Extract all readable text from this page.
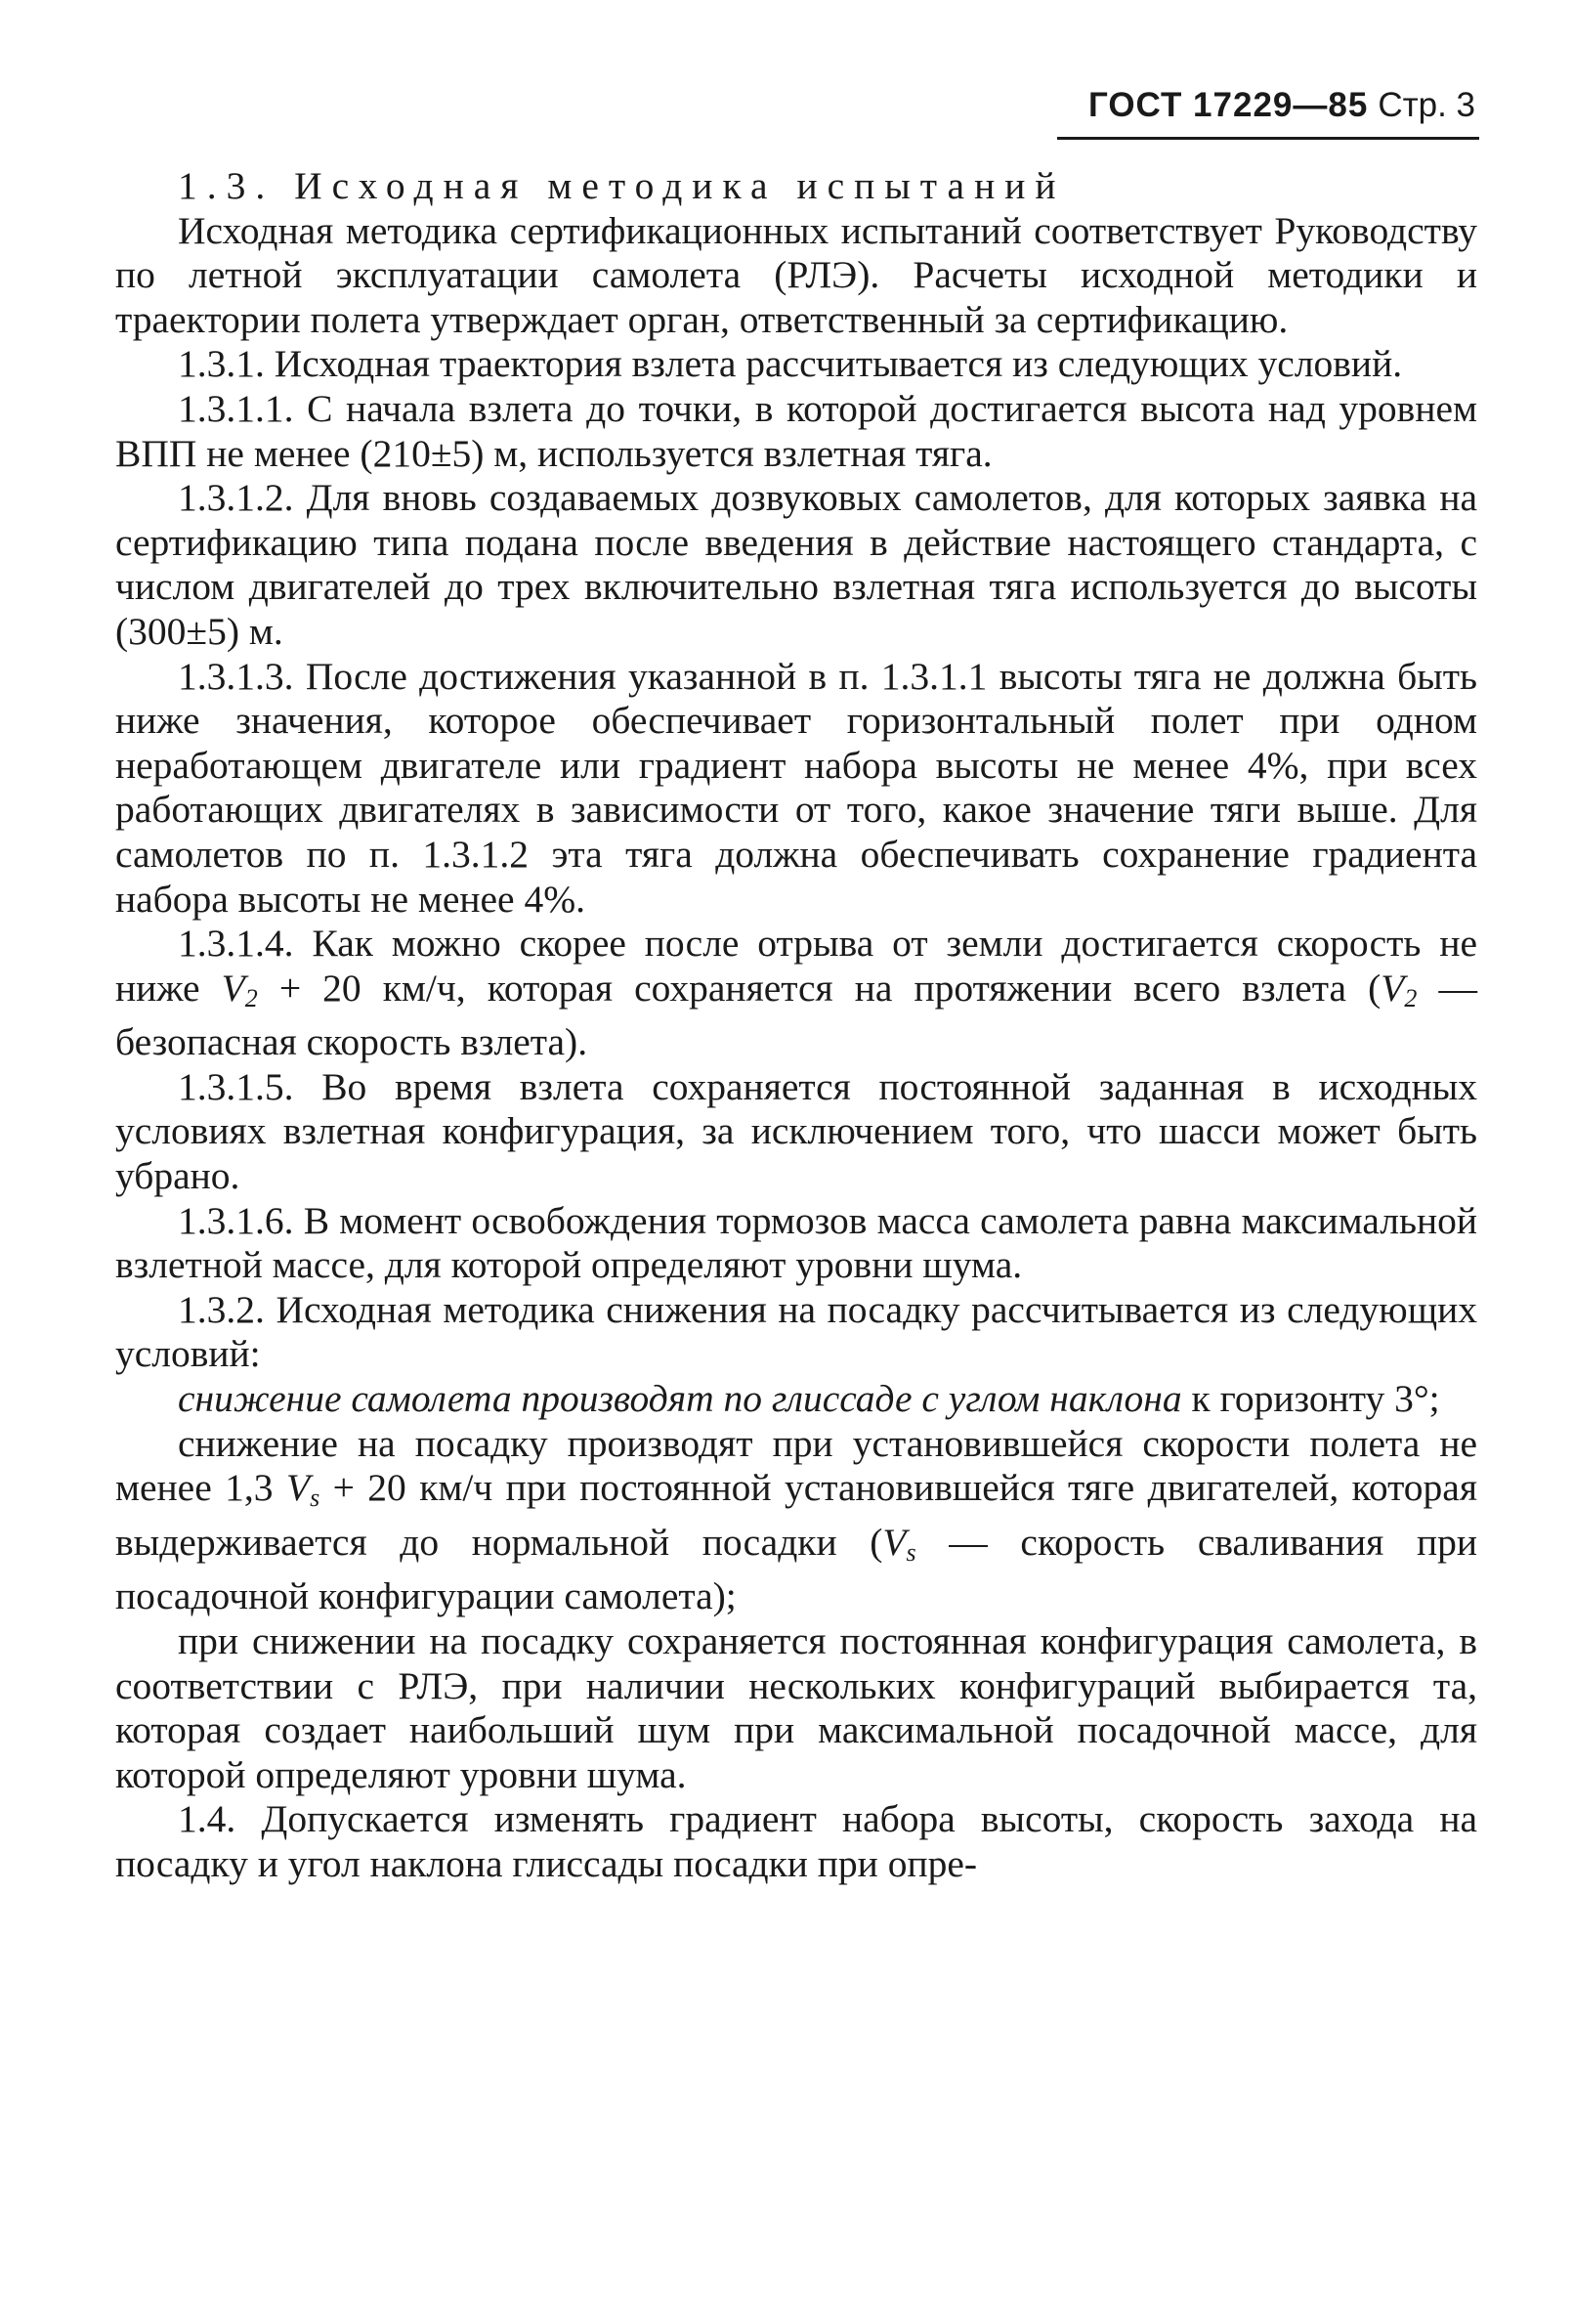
ГОСТ 17229—85 Стр. 3

1.3. Исходная методика испытаний

Исходная методика сертификационных испытаний соответствует Руководству по летной эксплуатации самолета (РЛЭ). Расчеты исходной методики и траектории полета утверждает орган, ответственный за сертификацию.

1.3.1. Исходная траектория взлета рассчитывается из следующих условий.

1.3.1.1. С начала взлета до точки, в которой достигается высота над уровнем ВПП не менее (210±5) м, используется взлетная тяга.

1.3.1.2. Для вновь создаваемых дозвуковых самолетов, для которых заявка на сертификацию типа подана после введения в действие настоящего стандарта, с числом двигателей до трех включительно взлетная тяга используется до высоты (300±5) м.

1.3.1.3. После достижения указанной в п. 1.3.1.1 высоты тяга не должна быть ниже значения, которое обеспечивает горизонтальный полет при одном неработающем двигателе или градиент набора высоты не менее 4%, при всех работающих двигателях в зависимости от того, какое значение тяги выше. Для самолетов по п. 1.3.1.2 эта тяга должна обеспечивать сохранение градиента набора высоты не менее 4%.

1.3.1.4. Как можно скорее после отрыва от земли достигается скорость не ниже $V_2 + 20$ км/ч, которая сохраняется на протяжении всего взлета ($V_2$ — безопасная скорость взлета).

1.3.1.5. Во время взлета сохраняется постоянной заданная в исходных условиях взлетная конфигурация, за исключением того, что шасси может быть убрано.

1.3.1.6. В момент освобождения тормозов масса самолета равна максимальной взлетной массе, для которой определяют уровни шума.

1.3.2. Исходная методика снижения на посадку рассчитывается из следующих условий:

снижение самолета производят по глиссаде с углом наклона к горизонту 3°;

снижение на посадку производят при установившейся скорости полета не менее 1,3 $V_s + 20$ км/ч при постоянной установившейся тяге двигателей, которая выдерживается до нормальной посадки ($V_s$ — скорость сваливания при посадочной конфигурации самолета);

при снижении на посадку сохраняется постоянная конфигурация самолета, в соответствии с РЛЭ, при наличии нескольких конфигураций выбирается та, которая создает наибольший шум при максимальной посадочной массе, для которой определяют уровни шума.

1.4. Допускается изменять градиент набора высоты, скорость захода на посадку и угол наклона глиссады посадки при опре-
